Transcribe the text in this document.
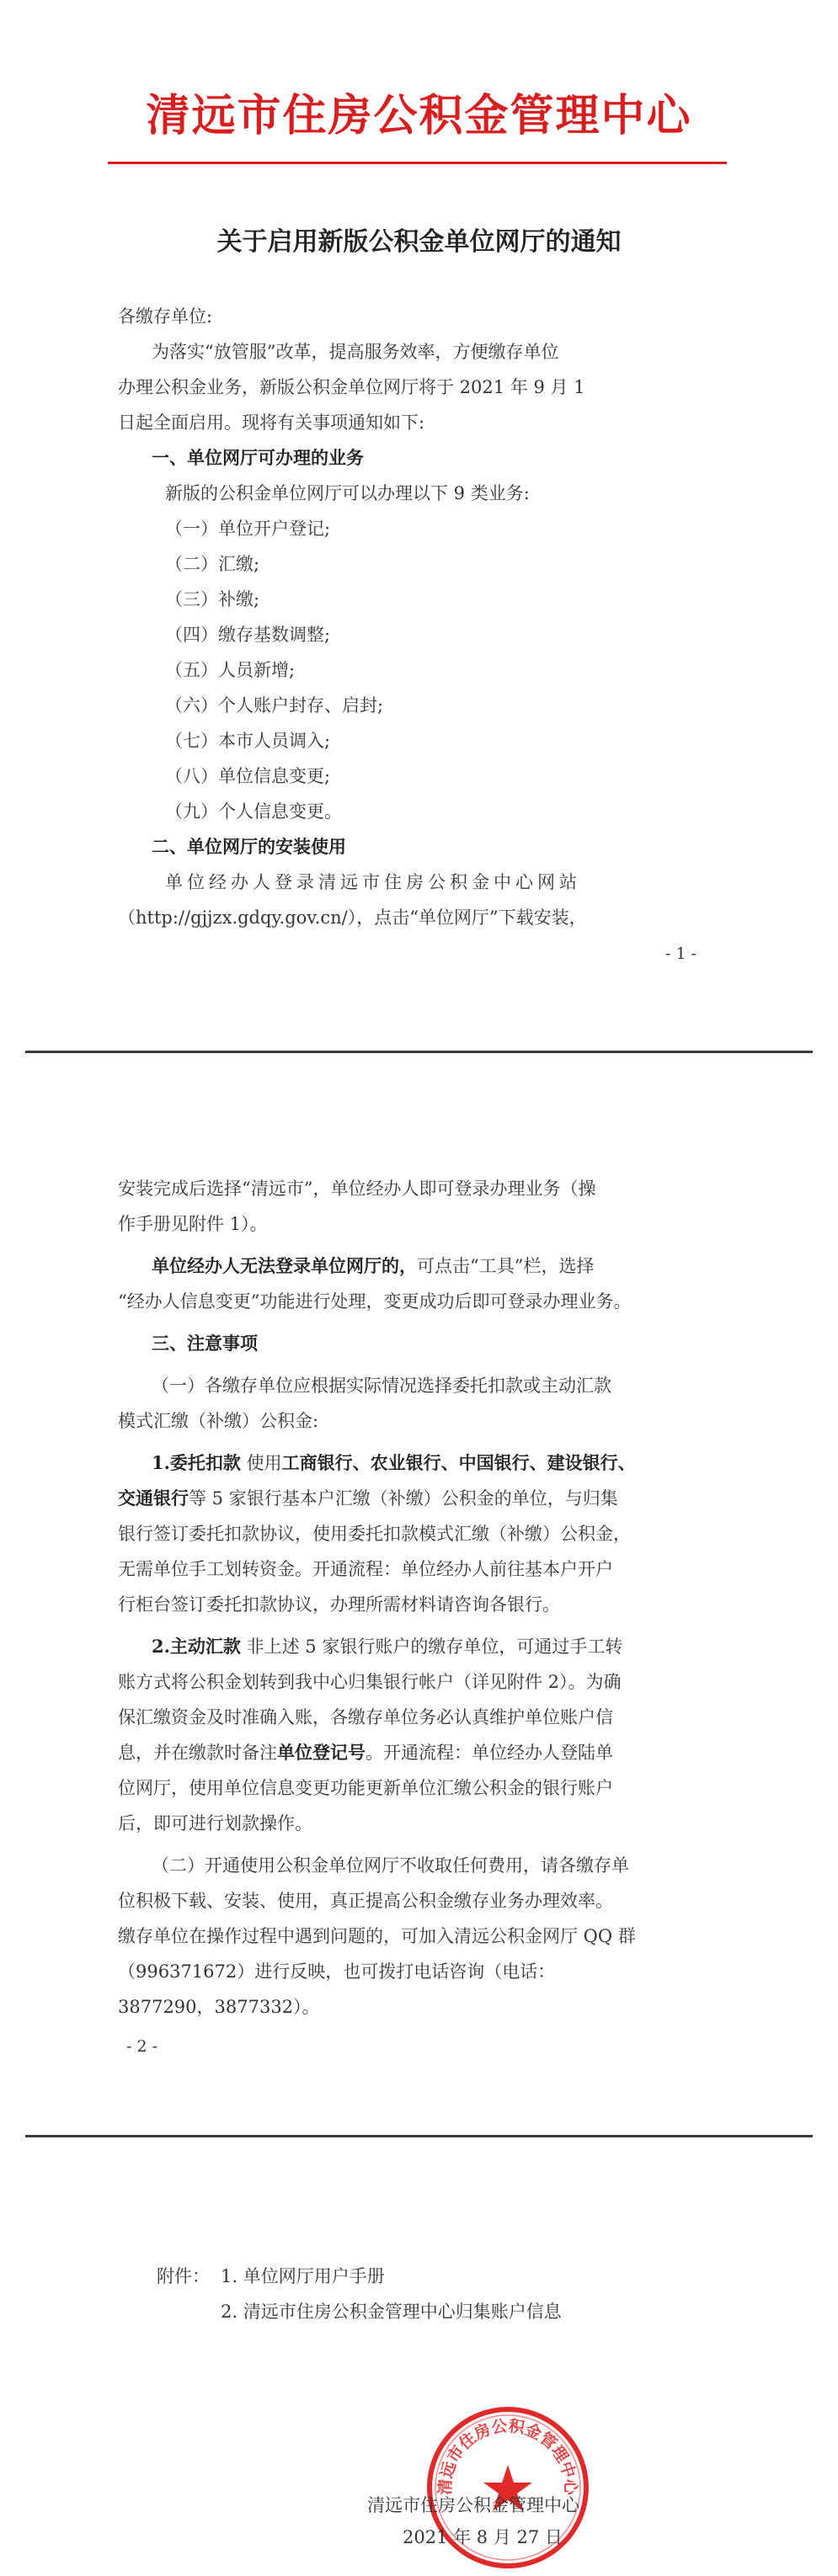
清远市住房公积金管理中心
关于启用新版公积金单位网厅的通知
各缴存单位:
为落实“放管服”改革，提高服务效率，方便缴存单位
办理公积金业务，新版公积金单位网厅将于 2021 年 9 月 1
日起全面启用。现将有关事项通知如下:
一、单位网厅可办理的业务
新版的公积金单位网厅可以办理以下 9 类业务:
（一）单位开户登记;
（二）汇缴;
（三）补缴;
（四）缴存基数调整;
（五）人员新增;
（六）个人账户封存、启封;
（七）本市人员调入;
（八）单位信息变更;
（九）个人信息变更。
二、单位网厅的安装使用
单位经办人登录清远市住房公积金中心网站
（http://gjjzx.gdqy.gov.cn/），点击“单位网厅”下载安装，
- 1 -
安装完成后选择“清远市”，单位经办人即可登录办理业务（操
作手册见附件 1）。
单位经办人无法登录单位网厅的，可点击“工具”栏，选择
“经办人信息变更”功能进行处理，变更成功后即可登录办理业务。
三、注意事项
（一）各缴存单位应根据实际情况选择委托扣款或主动汇款
模式汇缴（补缴）公积金:
1.委托扣款 使用工商银行、农业银行、中国银行、建设银行、
交通银行等 5 家银行基本户汇缴（补缴）公积金的单位，与归集
银行签订委托扣款协议，使用委托扣款模式汇缴（补缴）公积金，
无需单位手工划转资金。开通流程：单位经办人前往基本户开户
行柜台签订委托扣款协议，办理所需材料请咨询各银行。
2.主动汇款 非上述 5 家银行账户的缴存单位，可通过手工转
账方式将公积金划转到我中心归集银行帐户（详见附件 2）。为确
保汇缴资金及时准确入账，各缴存单位务必认真维护单位账户信
息，并在缴款时备注单位登记号。开通流程：单位经办人登陆单
位网厅，使用单位信息变更功能更新单位汇缴公积金的银行账户
后，即可进行划款操作。
（二）开通使用公积金单位网厅不收取任何费用，请各缴存单
位积极下载、安装、使用，真正提高公积金缴存业务办理效率。
缴存单位在操作过程中遇到问题的，可加入清远公积金网厅 QQ 群
（996371672）进行反映，也可拨打电话咨询（电话：
3877290，3877332）。
- 2 -
附件： 1. 单位网厅用户手册
2. 清远市住房公积金管理中心归集账户信息
清远市住房公积金管理中心
清远市住房公积金管理中心
2021 年 8 月 27 日
